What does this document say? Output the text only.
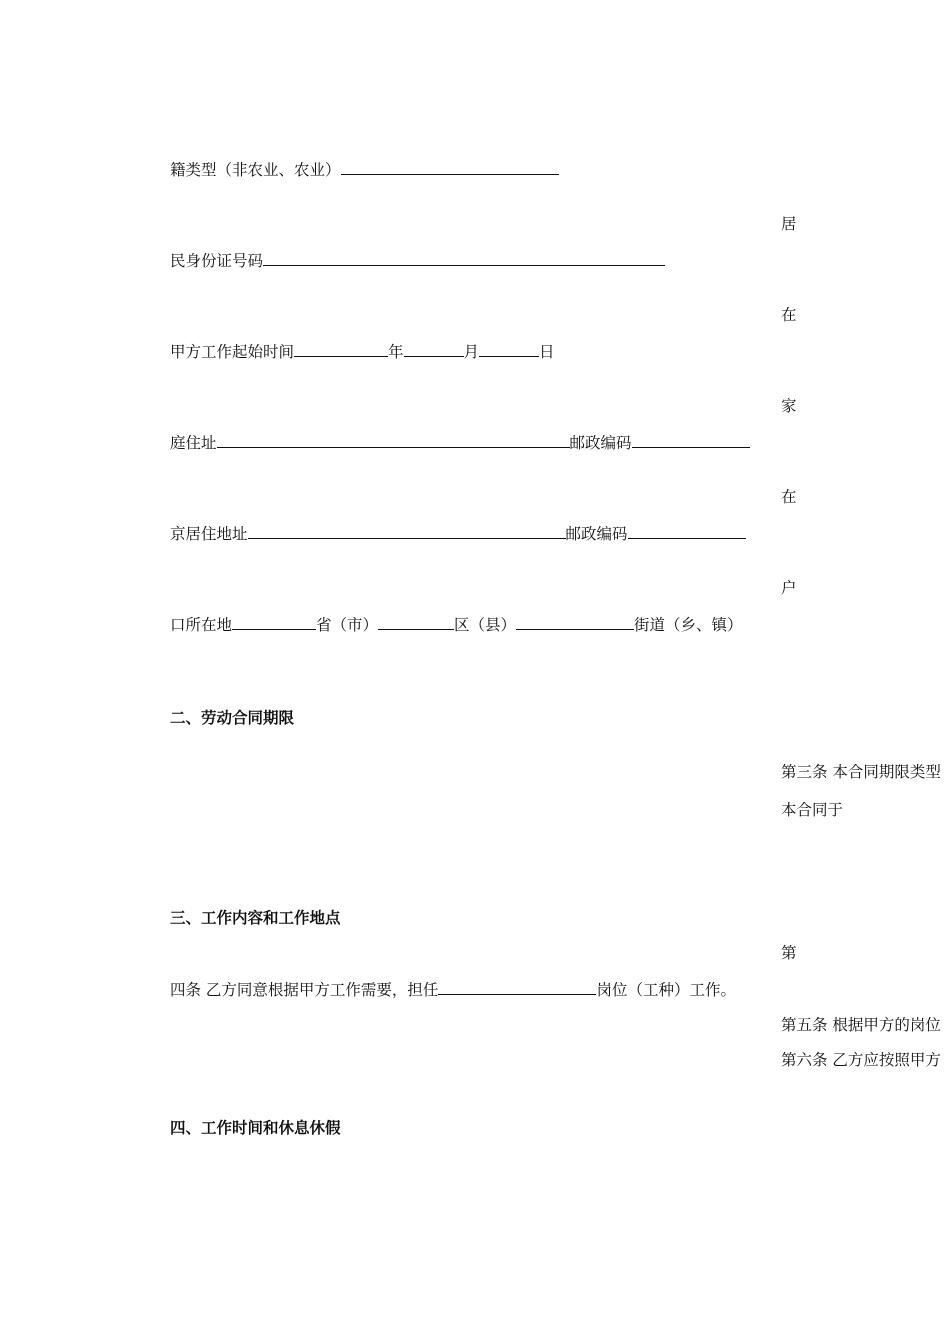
籍类型（非农业、农业）
民身份证号码
甲方工作起始时间	年	月	日
庭住址	邮政编码
京居住地址	邮政编码
口所在地	省（市）	区（县）	街道（乡、镇）
居
在
家
在
户
二、劳动合同期限
第三条 本合同期限类型
本合同于
三、工作内容和工作地点
第
四条 乙方同意根据甲方工作需要，担任	岗位（工种）工作。
第五条 根据甲方的岗位
第六条 乙方应按照甲方
四、工作时间和休息休假
